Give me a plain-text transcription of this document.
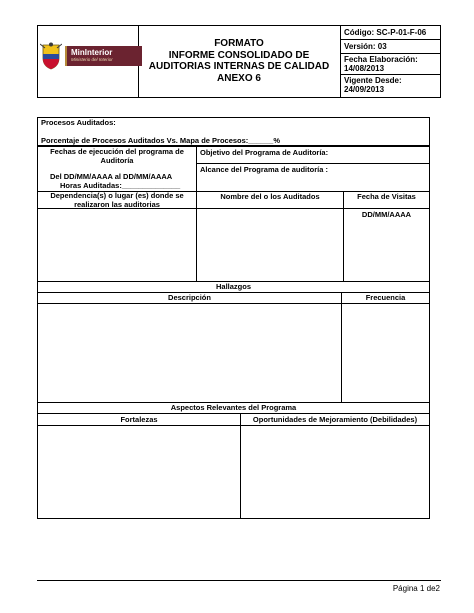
FORMATO
INFORME CONSOLIDADO DE
AUDITORIAS INTERNAS DE CALIDAD
ANEXO 6
Código: SC-P-01-F-06
Versión: 03
Fecha Elaboración:
14/08/2013
Vigente Desde:
24/09/2013
MinInterior
Ministerio del Interior
Procesos Auditados:
Porcentaje de Procesos Auditados Vs. Mapa de Procesos:______%
Fechas de ejecución del programa de
Auditoría
Del DD/MM/AAAA al DD/MM/AAAA
Horas Auditadas:______________
Objetivo del Programa de Auditoría:
Alcance del Programa de auditoría :
Dependencia(s) o lugar (es) donde se
realizaron las auditorias
Nombre del o los Auditados	Fecha de Visitas
DD/MM/AAAA
Hallazgos
Descripción	Frecuencia
Aspectos Relevantes del Programa
Fortalezas	Oportunidades de Mejoramiento (Debilidades)
Página 1 de2
